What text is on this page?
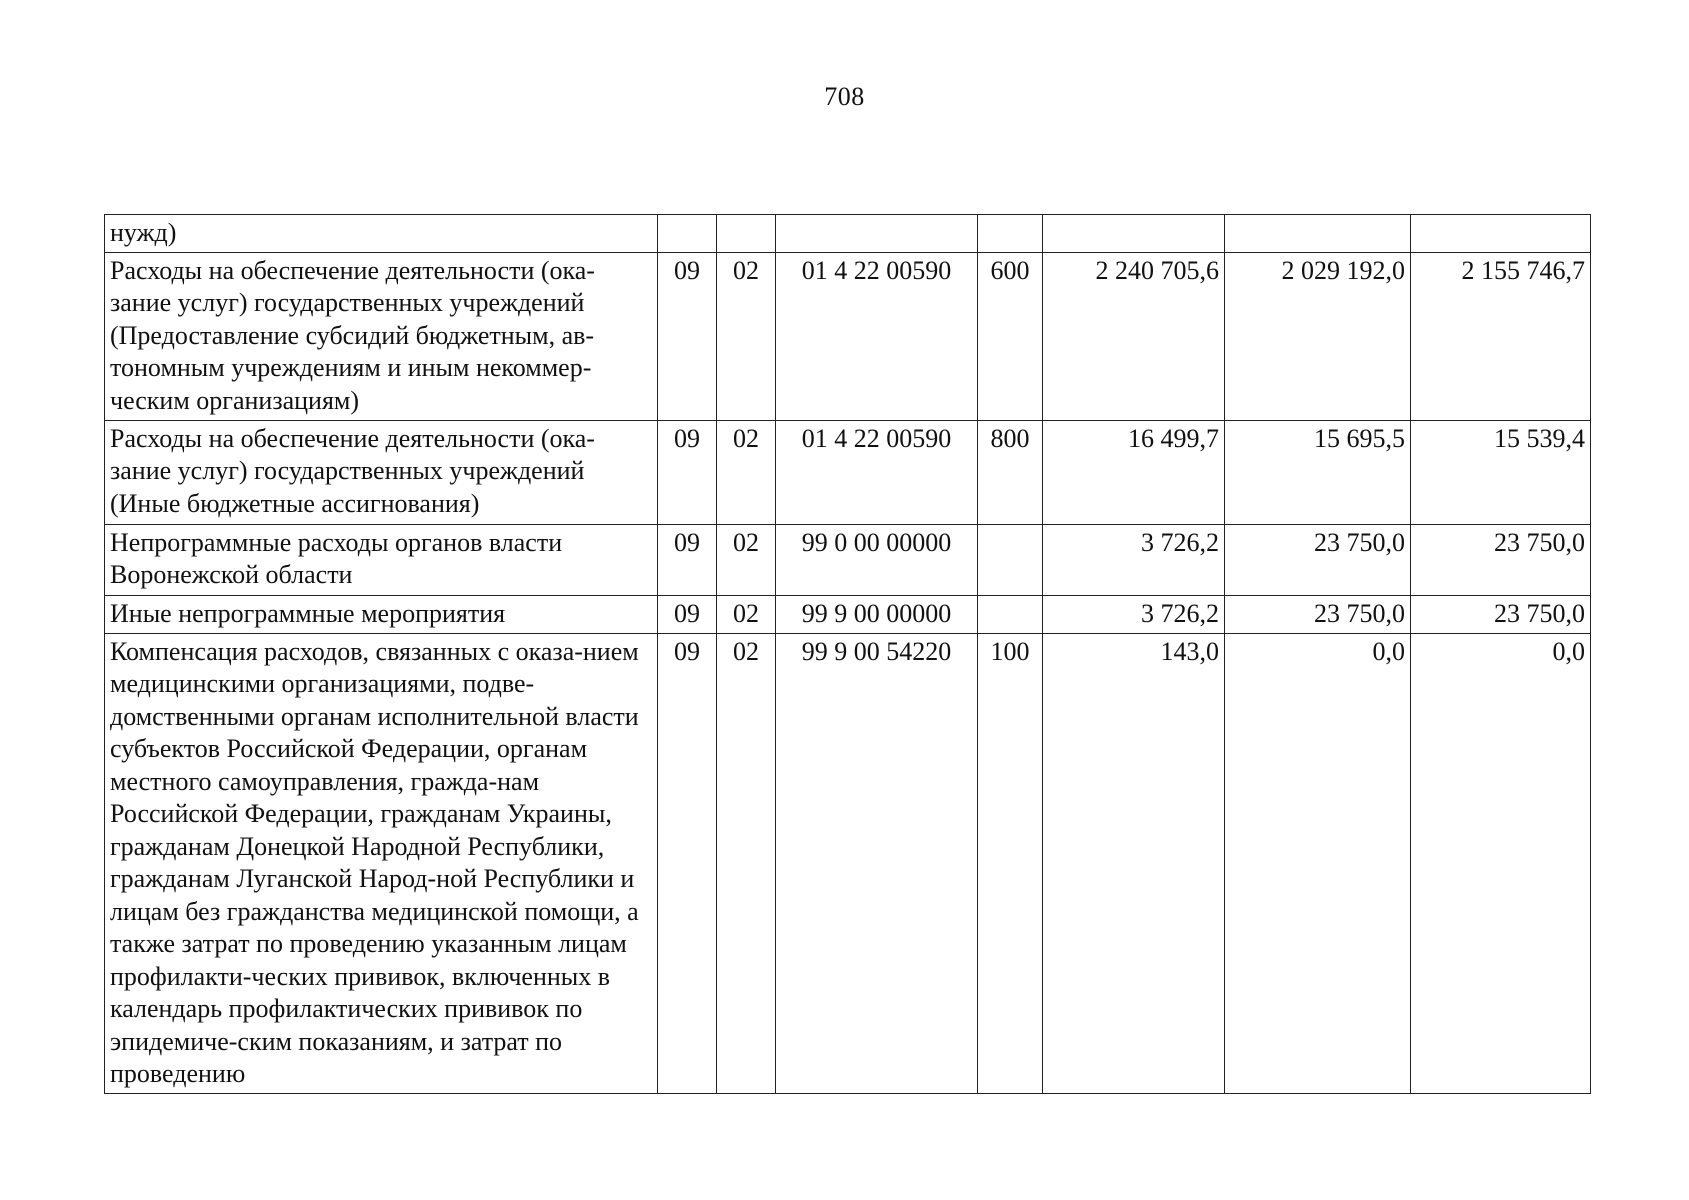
708
нужд)							
Расходы на обеспечение деятельности (ока-зание услуг) государственных учреждений (Предоставление субсидий бюджетным, ав-тономным учреждениям и иным некоммер-ческим организациям)	09	02	01 4 22 00590	600	2 240 705,6	2 029 192,0	2 155 746,7
Расходы на обеспечение деятельности (ока-зание услуг) государственных учреждений (Иные бюджетные ассигнования)	09	02	01 4 22 00590	800	16 499,7	15 695,5	15 539,4
Непрограммные расходы органов власти Воронежской области	09	02	99 0 00 00000		3 726,2	23 750,0	23 750,0
Иные непрограммные мероприятия	09	02	99 9 00 00000		3 726,2	23 750,0	23 750,0
Компенсация расходов, связанных с оказа-нием медицинскими организациями, подве-домственными органам исполнительной власти субъектов Российской Федерации, органам местного самоуправления, гражда-нам Российской Федерации, гражданам Украины, гражданам Донецкой Народной Республики, гражданам Луганской Народ-ной Республики и лицам без гражданства медицинской помощи, а также затрат по проведению указанным лицам профилакти-ческих прививок, включенных в календарь профилактических прививок по эпидемиче-ским показаниям, и затрат по проведению	09	02	99 9 00 54220	100	143,0	0,0	0,0
